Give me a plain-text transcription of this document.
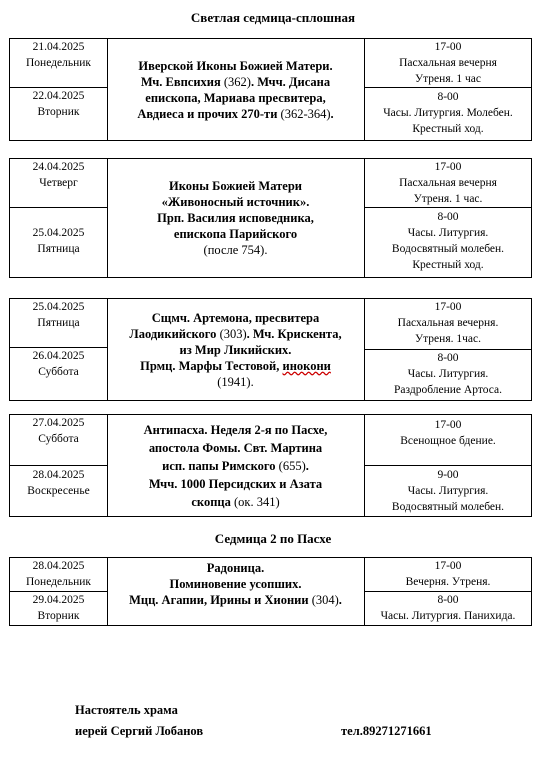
Светлая седмица-сплошная
21.04.2025
Понедельник
22.04.2025
Вторник
Иверской Иконы Божией Матери.
Мч. Евпсихия (362). Мчч. Дисана
епископа, Мариава пресвитера,
Авдиеса и прочих 270-ти (362-364).
17-00
Пасхальная вечерня
Утреня. 1 час
8-00
Часы. Литургия. Молебен.
Крестный ход.
24.04.2025
Четверг
25.04.2025
Пятница
Иконы Божией Матери
«Живоносный источник».
Прп. Василия исповедника,
епископа Парийского
(после 754).
17-00
Пасхальная вечерня
Утреня. 1 час.
8-00
Часы. Литургия.
Водосвятный молебен.
Крестный ход.
25.04.2025
Пятница
26.04.2025
Суббота
Сщмч. Артемона, пресвитера
Лаодикийского (303). Мч. Крискента,
из Мир Ликийских.
Прмц. Марфы Тестовой, инокони
(1941).
17-00
Пасхальная вечерня.
Утреня. 1час.
8-00
Часы. Литургия.
Раздробление Артоса.
27.04.2025
Суббота
28.04.2025
Воскресенье
Антипасха. Неделя 2-я по Пасхе,
апостола Фомы. Свт. Мартина
исп. папы Римского (655).
Мчч. 1000 Персидских и Азата
скопца (ок. 341)
17-00
Всенощное бдение.
9-00
Часы. Литургия.
Водосвятный молебен.
Седмица 2 по Пасхе
28.04.2025
Понедельник
29.04.2025
Вторник
Радоница.
Поминовение усопших.
Мцц. Агапии, Ирины и Хионии (304).
17-00
Вечерня. Утреня.
8-00
Часы. Литургия. Панихида.
Настоятель храма
иерей Сергий Лобанов	тел.89271271661
